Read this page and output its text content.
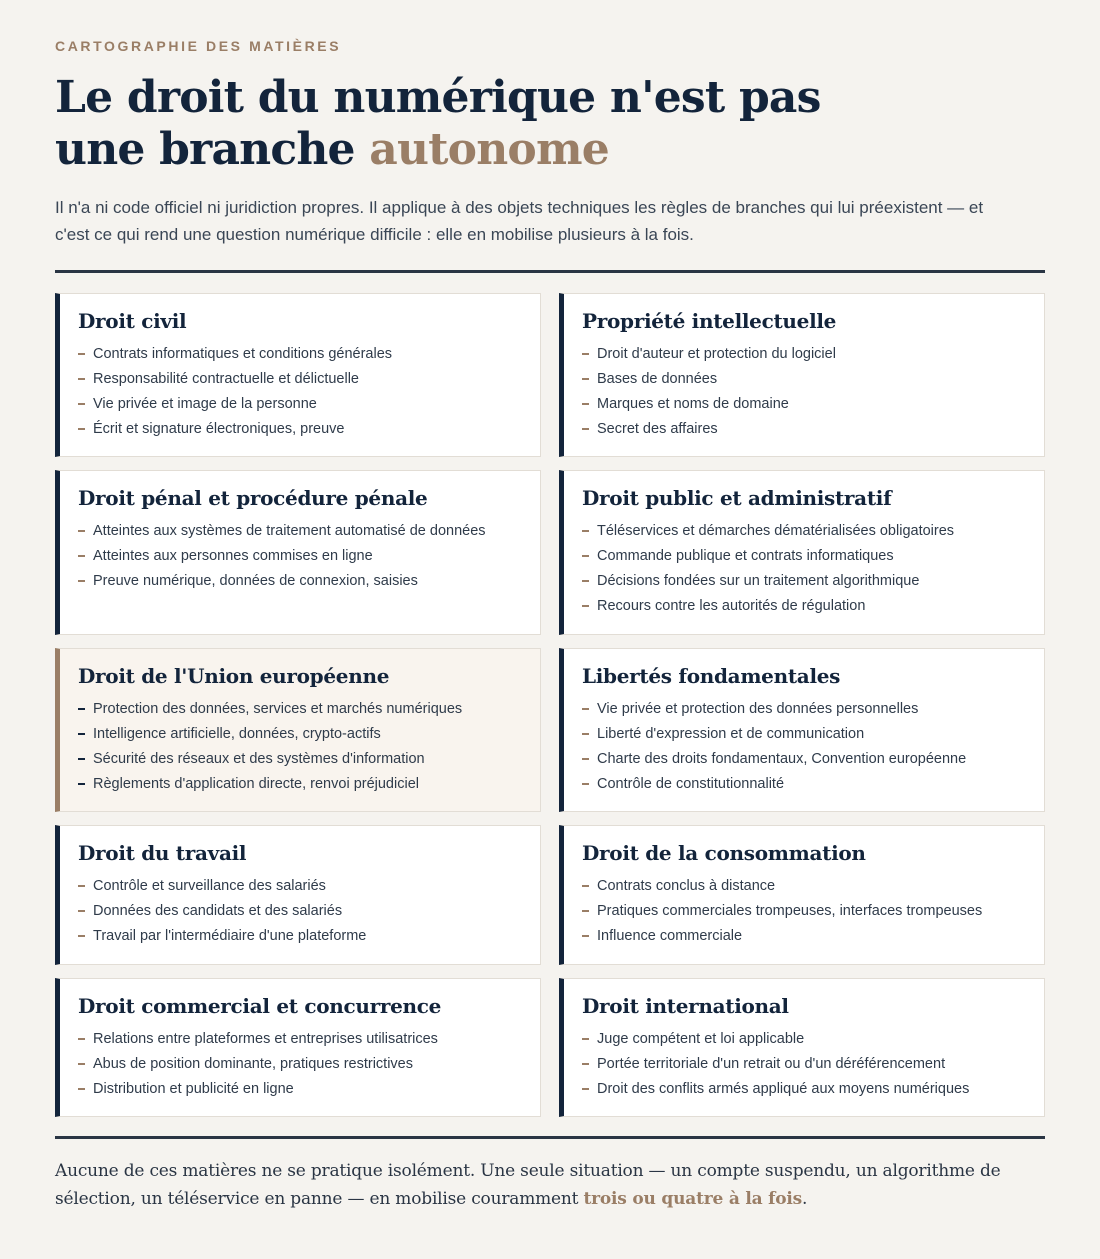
CARTOGRAPHIE DES MATIÈRES
Le droit du numérique n'est pas
une branche autonome

Il n'a ni code officiel ni juridiction propres. Il applique à des objets techniques les règles de branches qui lui préexistent — et c'est ce qui rend une question numérique difficile : elle en mobilise plusieurs à la fois.

Droit civil
Contrats informatiques et conditions générales
Responsabilité contractuelle et délictuelle
Vie privée et image de la personne
Écrit et signature électroniques, preuve
Propriété intellectuelle
Droit d'auteur et protection du logiciel
Bases de données
Marques et noms de domaine
Secret des affaires
Droit pénal et procédure pénale
Atteintes aux systèmes de traitement automatisé de données
Atteintes aux personnes commises en ligne
Preuve numérique, données de connexion, saisies
Droit public et administratif
Téléservices et démarches dématérialisées obligatoires
Commande publique et contrats informatiques
Décisions fondées sur un traitement algorithmique
Recours contre les autorités de régulation
Droit de l'Union européenne
Protection des données, services et marchés numériques
Intelligence artificielle, données, crypto-actifs
Sécurité des réseaux et des systèmes d'information
Règlements d'application directe, renvoi préjudiciel
Libertés fondamentales
Vie privée et protection des données personnelles
Liberté d'expression et de communication
Charte des droits fondamentaux, Convention européenne
Contrôle de constitutionnalité
Droit du travail
Contrôle et surveillance des salariés
Données des candidats et des salariés
Travail par l'intermédiaire d'une plateforme
Droit de la consommation
Contrats conclus à distance
Pratiques commerciales trompeuses, interfaces trompeuses
Influence commerciale
Droit commercial et concurrence
Relations entre plateformes et entreprises utilisatrices
Abus de position dominante, pratiques restrictives
Distribution et publicité en ligne
Droit international
Juge compétent et loi applicable
Portée territoriale d'un retrait ou d'un déréférencement
Droit des conflits armés appliqué aux moyens numériques

Aucune de ces matières ne se pratique isolément. Une seule situation — un compte suspendu, un algorithme de sélection, un téléservice en panne — en mobilise couramment trois ou quatre à la fois.
